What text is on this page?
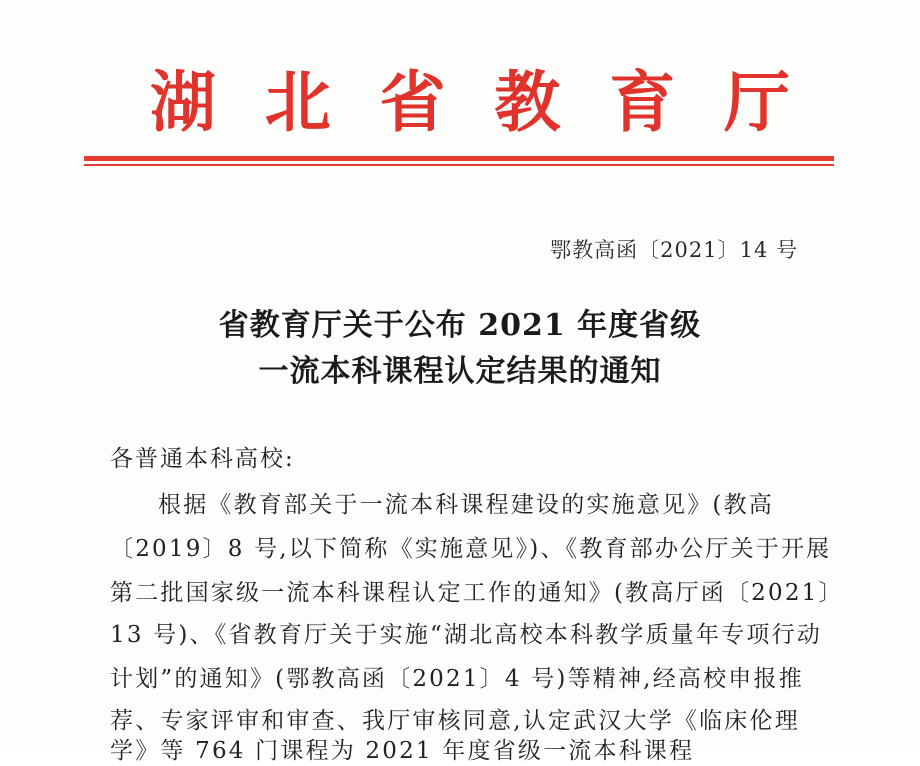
湖 北 省 教 育 厅
鄂教高函〔2021〕14 号
省教育厅关于公布 2021 年度省级
一流本科课程认定结果的通知
各普通本科高校:
根据《教育部关于一流本科课程建设的实施意见》(教高
〔2019〕8 号,以下简称《实施意见》)、《教育部办公厅关于开展
第二批国家级一流本科课程认定工作的通知》(教高厅函〔2021〕
13 号)、《省教育厅关于实施“湖北高校本科教学质量年专项行动
计划”的通知》(鄂教高函〔2021〕4 号)等精神,经高校申报推
荐、专家评审和审查、我厅审核同意,认定武汉大学《临床伦理
学》等 764 门课程为 2021 年度省级一流本科课程
